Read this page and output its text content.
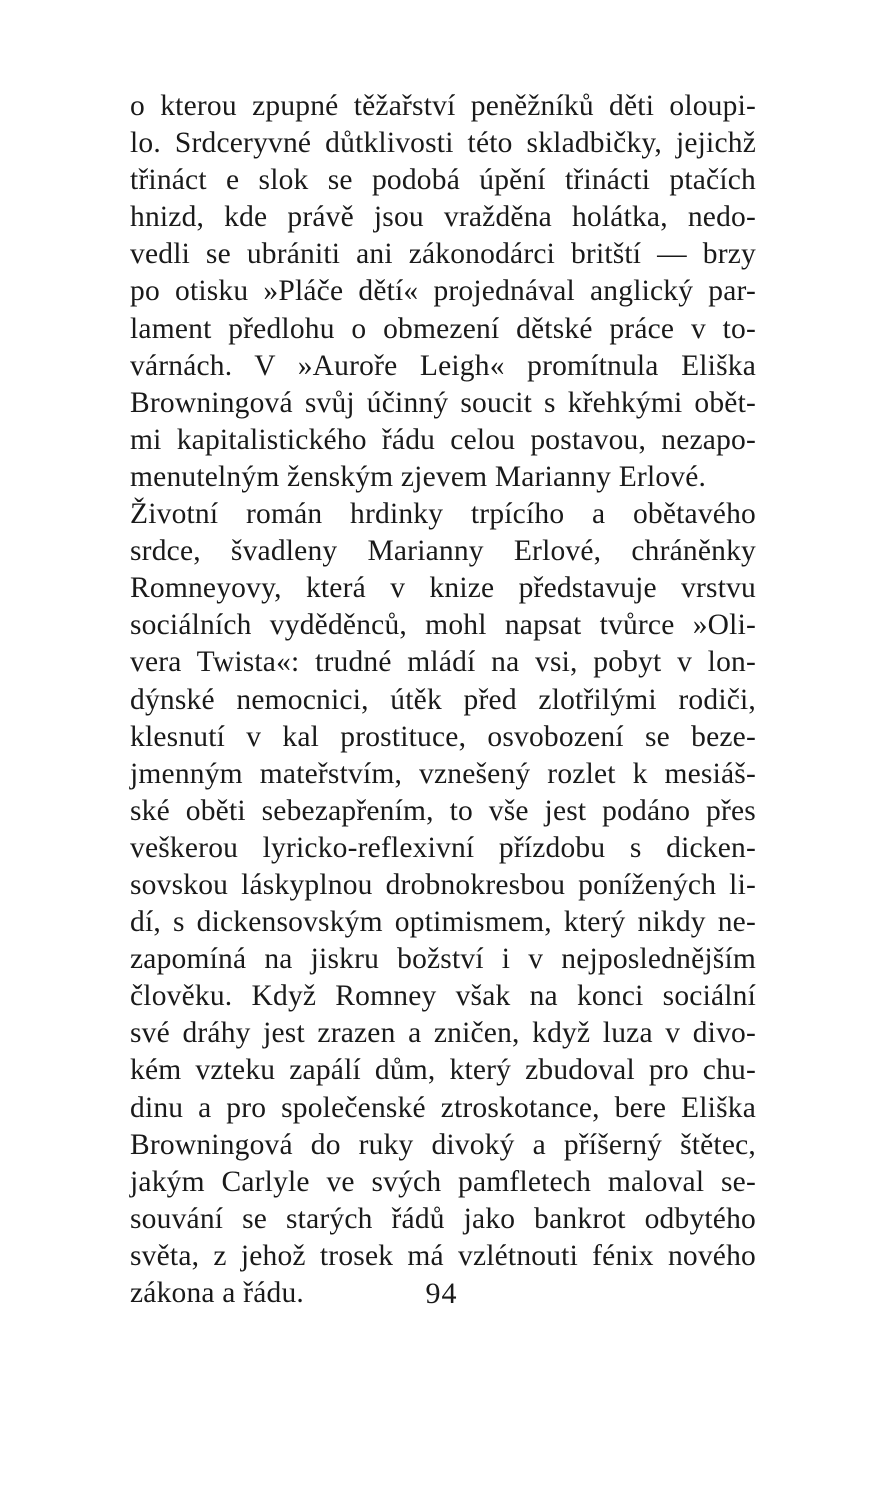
o kterou zpupné těžařství peněžníků děti oloupi-
lo. Srdceryvné důtklivosti této skladbičky, jejichž
třináct e slok se podobá úpění třinácti ptačích
hnizd, kde právě jsou vražděna holátka, nedo-
vedli se ubrániti ani zákonodárci britští — brzy
po otisku »Pláče dětí« projednával anglický par-
lament předlohu o obmezení dětské práce v to-
várnách. V »Auroře Leigh« promítnula Eliška
Browningová svůj účinný soucit s křehkými obět-
mi kapitalistického řádu celou postavou, nezapo-
menutelným ženským zjevem Marianny Erlové.
Životní román hrdinky trpícího a obětavého
srdce, švadleny Marianny Erlové, chráněnky
Romneyovy, která v knize představuje vrstvu
sociálních vyděděnců, mohl napsat tvůrce »Oli-
vera Twista«: trudné mládí na vsi, pobyt v lon-
dýnské nemocnici, útěk před zlotřilými rodiči,
klesnutí v kal prostituce, osvobození se beze-
jmenným mateřstvím, vznešený rozlet k mesiáš-
ské oběti sebezapřením, to vše jest podáno přes
veškerou lyricko-reflexivní přízdobu s dicken-
sovskou láskyplnou drobnokresbou ponížených li-
dí, s dickensovským optimismem, který nikdy ne-
zapomíná na jiskru božství i v nejposlednějším
člověku. Když Romney však na konci sociální
své dráhy jest zrazen a zničen, když luza v divo-
kém vzteku zapálí dům, který zbudoval pro chu-
dinu a pro společenské ztroskotance, bere Eliška
Browningová do ruky divoký a příšerný štětec,
jakým Carlyle ve svých pamfletech maloval se-
souvání se starých řádů jako bankrot odbytého
světa, z jehož trosek má vzlétnouti fénix nového
zákona a řádu.	94
